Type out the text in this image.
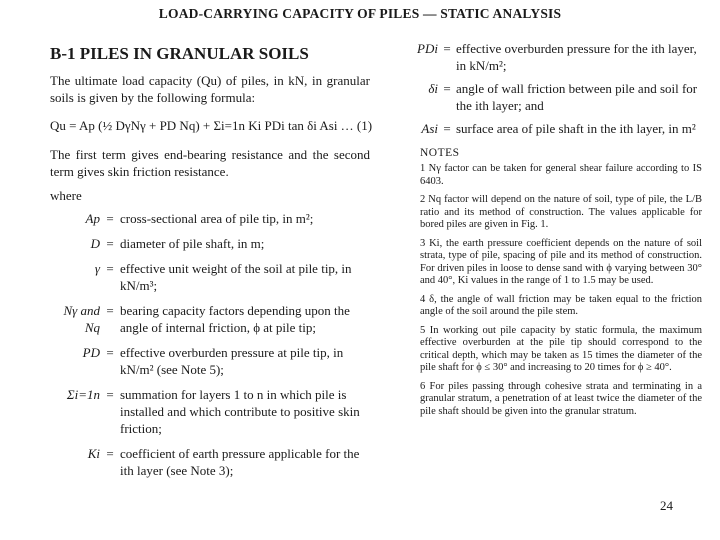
LOAD-CARRYING CAPACITY OF PILES — STATIC ANALYSIS
B-1 PILES IN GRANULAR SOILS

The ultimate load capacity (Qu) of piles, in kN, in granular soils is given by the following formula:

Qu = Ap (½ DγNγ + PD Nq) + Σi=1n Ki PDi tan δi Asi … (1)

The first term gives end-bearing resistance and the second term gives skin friction resistance.

where
Ap = cross-sectional area of pile tip, in m²;
D = diameter of pile shaft, in m;
γ = effective unit weight of the soil at pile tip, in kN/m³;
Nγ and Nq
= bearing capacity factors depending upon the angle of internal friction, ϕ at pile tip;
PD = effective overburden pressure at pile tip, in kN/m² (see Note 5);
Σi=1n = summation for layers 1 to n in which pile is installed and which contribute to positive skin friction;
Ki = coefficient of earth pressure applicable for the ith layer (see Note 3);
PDi = effective overburden pressure for the ith layer, in kN/m²;
δi = angle of wall friction between pile and soil for the ith layer; and
Asi = surface area of pile shaft in the ith layer, in m²
NOTES

1 Nγ factor can be taken for general shear failure according to IS 6403.

2 Nq factor will depend on the nature of soil, type of pile, the L/B ratio and its method of construction. The values applicable for bored piles are given in Fig. 1.

3 Ki, the earth pressure coefficient depends on the nature of soil strata, type of pile, spacing of pile and its method of construction. For driven piles in loose to dense sand with ϕ varying between 30° and 40°, Ki values in the range of 1 to 1.5 may be used.

4 δ, the angle of wall friction may be taken equal to the friction angle of the soil around the pile stem.

5 In working out pile capacity by static formula, the maximum effective overburden at the pile tip should correspond to the critical depth, which may be taken as 15 times the diameter of the pile shaft for ϕ ≤ 30° and increasing to 20 times for ϕ ≥ 40°.

6 For piles passing through cohesive strata and terminating in a granular stratum, a penetration of at least twice the diameter of the pile shaft should be given into the granular stratum.

24
